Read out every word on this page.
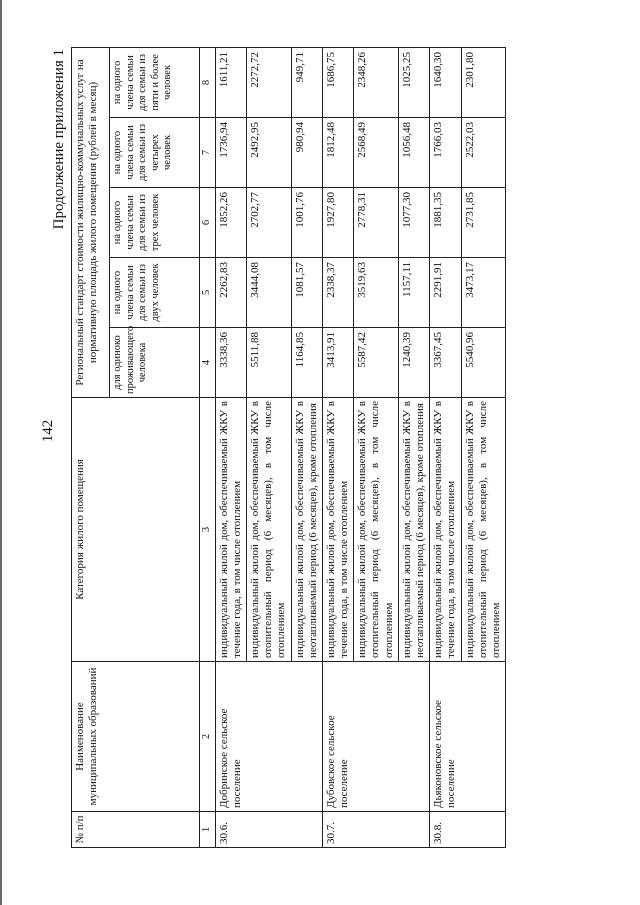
142
Продолжение приложения 1
№ п/п	Наименование муниципальных образований	Категория жилого помещения	Региональный стандарт стоимости жилищно-коммунальных услуг на нормативную площадь жилого помещения (рублей в месяц)				
			для одиноко проживающего человека	на одного члена семьи для семьи из двух человек	на одного члена семьи для семьи из трех человек	на одного члена семьи для семьи из четырех человек	на одного члена семьи для семьи из пяти и более человек
1	2	3	4	5	6	7	8
30.6.	Добринское сельское поселение	индивидуальный жилой дом, обеспечиваемый ЖКУ в течение года, в том числе отоплением	3338,36	2262,83	1852,26	1736,94	1611,21
		индивидуальный жилой дом, обеспечиваемый ЖКУ в отопительный период (6 месяцев), в том числе отоплением	5511,88	3444,08	2702,77	2492,95	2272,72
		индивидуальный жилой дом, обеспечиваемый ЖКУ в неотапливаемый период (6 месяцев), кроме отопления	1164,85	1081,57	1001,76	980,94	949,71
30.7.	Дубовское сельское поселение	индивидуальный жилой дом, обеспечиваемый ЖКУ в течение года, в том числе отоплением	3413,91	2338,37	1927,80	1812,48	1686,75
		индивидуальный жилой дом, обеспечиваемый ЖКУ в отопительный период (6 месяцев), в том числе отоплением	5587,42	3519,63	2778,31	2568,49	2348,26
		индивидуальный жилой дом, обеспечиваемый ЖКУ в неотапливаемый период (6 месяцев), кроме отопления	1240,39	1157,11	1077,30	1056,48	1025,25
30.8.	Дьяконовское сельское поселение	индивидуальный жилой дом, обеспечиваемый ЖКУ в течение года, в том числе отоплением	3367,45	2291,91	1881,35	1766,03	1640,30
		индивидуальный жилой дом, обеспечиваемый ЖКУ в отопительный период (6 месяцев), в том числе отоплением	5540,96	3473,17	2731,85	2522,03	2301,80
